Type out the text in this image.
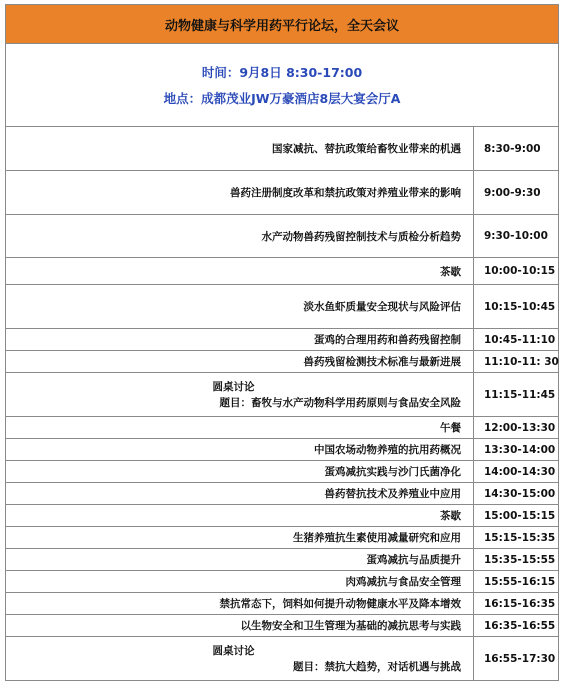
动物健康与科学用药平行论坛，全天会议	

时间：9月8日 8:30-17:00
地点：成都茂业JW万豪酒店8层大宴会厅A	

国家减抗、替抗政策给畜牧业带来的机遇	8:30-9:00
兽药注册制度改革和禁抗政策对养殖业带来的影响	9:00-9:30
水产动物兽药残留控制技术与质检分析趋势	9:30-10:00
茶歇	10:00-10:15
淡水鱼虾质量安全现状与风险评估	10:15-10:45
蛋鸡的合理用药和兽药残留控制	10:45-11:10
兽药残留检测技术标准与最新进展	11:10-11: 30

圆桌讨论
题目：畜牧与水产动物科学用药原则与食品安全风险	11:15-11:45
午餐	12:00-13:30
中国农场动物养殖的抗用药概况	13:30-14:00
蛋鸡减抗实践与沙门氏菌净化	14:00-14:30
兽药替抗技术及养殖业中应用	14:30-15:00
茶歇	15:00-15:15
生猪养殖抗生素使用减量研究和应用	15:15-15:35
蛋鸡减抗与品质提升	15:35-15:55
肉鸡减抗与食品安全管理	15:55-16:15
禁抗常态下，饲料如何提升动物健康水平及降本增效	16:15-16:35
以生物安全和卫生管理为基础的减抗思考与实践	16:35-16:55

圆桌讨论
题目：禁抗大趋势，对话机遇与挑战	16:55-17:30
